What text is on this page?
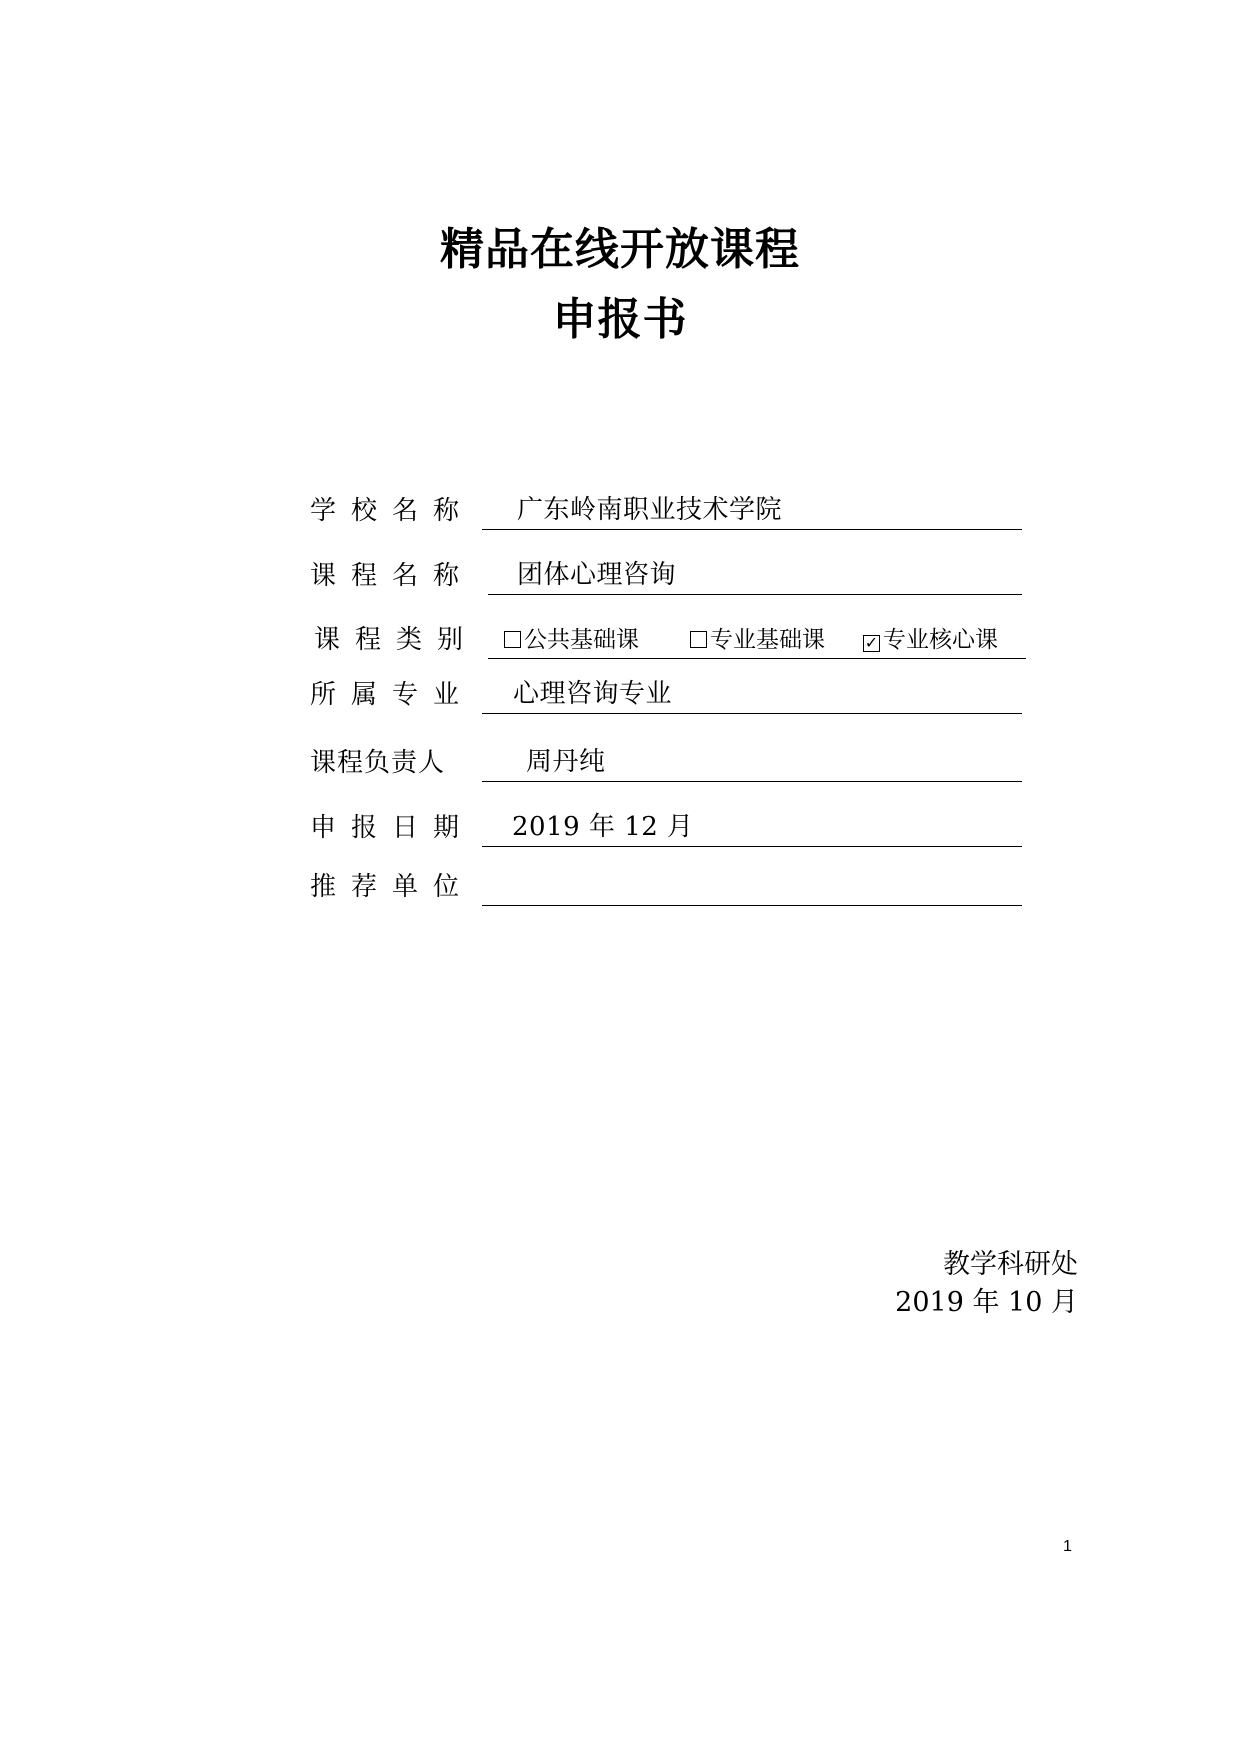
精品在线开放课程
申报书
学校名称 广东岭南职业技术学院
课程名称 团体心理咨询
课程类别	公共基础课	专业基础课 ✓ 专业核心课
所属专业 心理咨询专业
课程负责人	周丹纯
申报日期 2019 年 12 月
推荐单位
教学科研处
2019 年 10 月
1
